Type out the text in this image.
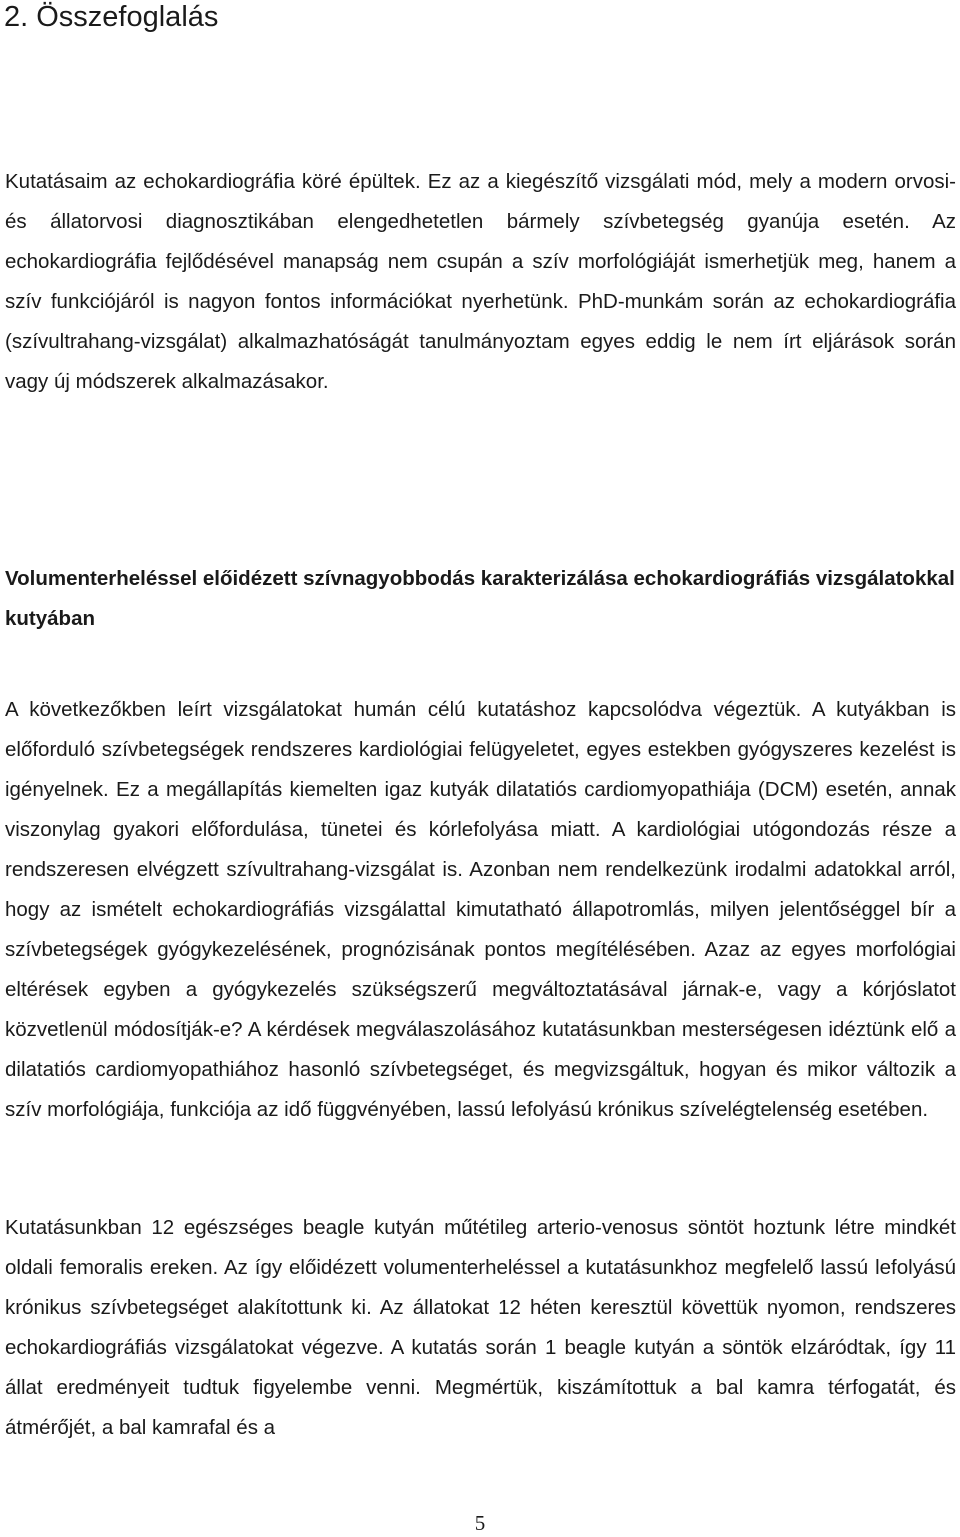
2. Összefoglalás

Kutatásaim az echokardiográfia köré épültek. Ez az a kiegészítő vizsgálati mód, mely a modern orvosi- és állatorvosi diagnosztikában elengedhetetlen bármely szívbetegség gyanúja esetén. Az echokardiográfia fejlődésével manapság nem csupán a szív morfológiáját ismerhetjük meg, hanem a szív funkciójáról is nagyon fontos információkat nyerhetünk. PhD-munkám során az echokardiográfia (szívultrahang-vizsgálat) alkalmazhatóságát tanulmányoztam egyes eddig le nem írt eljárások során vagy új módszerek alkalmazásakor.

Volumenterheléssel előidézett szívnagyobbodás karakterizálása echokardiográfiás vizsgálatokkal kutyában

A következőkben leírt vizsgálatokat humán célú kutatáshoz kapcsolódva végeztük. A kutyákban is előforduló szívbetegségek rendszeres kardiológiai felügyeletet, egyes estekben gyógyszeres kezelést is igényelnek. Ez a megállapítás kiemelten igaz kutyák dilatatiós cardiomyopathiája (DCM) esetén, annak viszonylag gyakori előfordulása, tünetei és kórlefolyása miatt. A kardiológiai utógondozás része a rendszeresen elvégzett szívultrahang-vizsgálat is. Azonban nem rendelkezünk irodalmi adatokkal arról, hogy az ismételt echokardiográfiás vizsgálattal kimutatható állapotromlás, milyen jelentőséggel bír a szívbetegségek gyógykezelésének, prognózisának pontos megítélésében. Azaz az egyes morfológiai eltérések egyben a gyógykezelés szükségszerű megváltoztatásával járnak-e, vagy a kórjóslatot közvetlenül módosítják-e? A kérdések megválaszolásához kutatásunkban mesterségesen idéztünk elő a dilatatiós cardiomyopathiához hasonló szívbetegséget, és megvizsgáltuk, hogyan és mikor változik a szív morfológiája, funkciója az idő függvényében, lassú lefolyású krónikus szívelégtelenség esetében.

Kutatásunkban 12 egészséges beagle kutyán műtétileg arterio-venosus söntöt hoztunk létre mindkét oldali femoralis ereken. Az így előidézett volumenterheléssel a kutatásunkhoz megfelelő lassú lefolyású krónikus szívbetegséget alakítottunk ki. Az állatokat 12 héten keresztül követtük nyomon, rendszeres echokardiográfiás vizsgálatokat végezve. A kutatás során 1 beagle kutyán a söntök elzáródtak, így 11 állat eredményeit tudtuk figyelembe venni. Megmértük, kiszámítottuk a bal kamra térfogatát, és átmérőjét, a bal kamrafal és a

5
